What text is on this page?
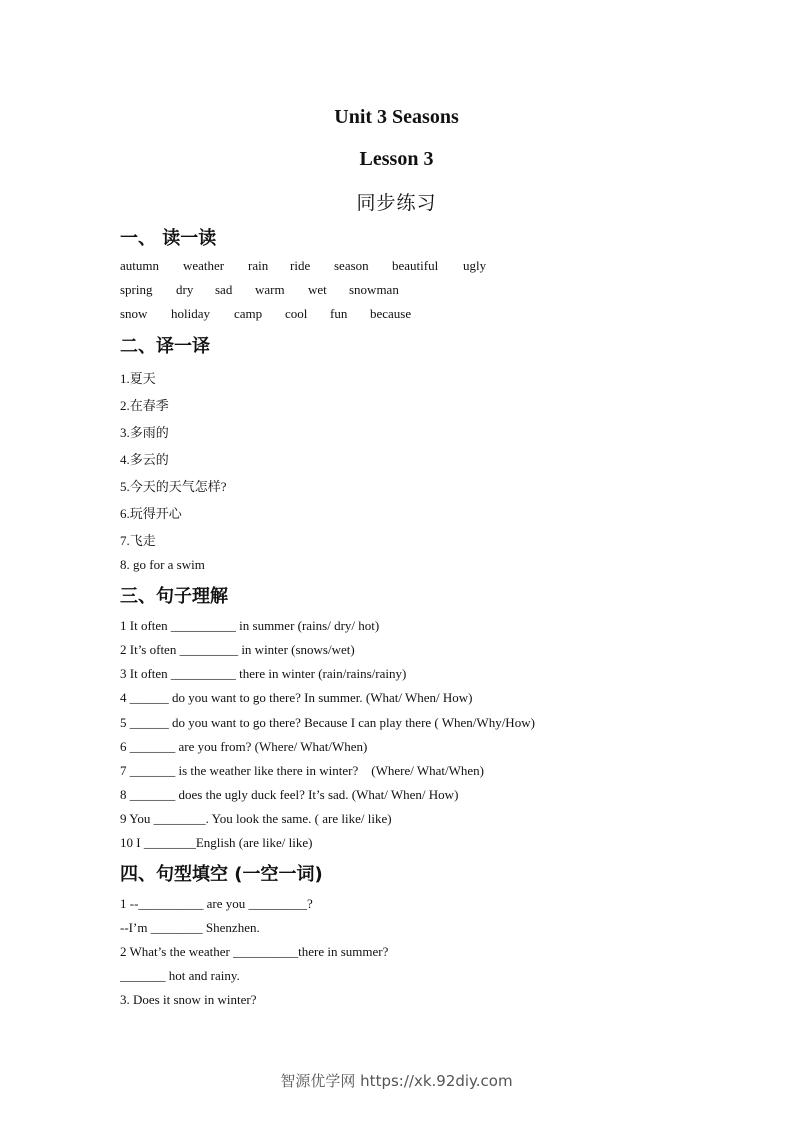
Unit 3 Seasons
Lesson 3
同步练习
一、 读一读
autumn weather rain ride season beautiful ugly
spring dry sad warm wet snowman
snow holiday camp cool fun because
二、译一译
1.夏天
2.在春季
3.多雨的
4.多云的
5.今天的天气怎样?
6.玩得开心
7.飞走
8. go for a swim
三、句子理解
1 It often __________ in summer (rains/ dry/ hot)
2 It’s often _________ in winter (snows/wet)
3 It often __________ there in winter (rain/rains/rainy)
4 ______ do you want to go there? In summer. (What/ When/ How)
5 ______ do you want to go there? Because I can play there ( When/Why/How)
6 _______ are you from? (Where/ What/When)
7 _______ is the weather like there in winter?    (Where/ What/When)
8 _______ does the ugly duck feel? It’s sad. (What/ When/ How)
9 You ________. You look the same. ( are like/ like)
10 I ________English (are like/ like)
四、句型填空 (一空一词)
1 --__________ are you _________?
--I’m ________ Shenzhen.
2 What’s the weather __________there in summer?
_______ hot and rainy.
3. Does it snow in winter?
智源优学网 https://xk.92diy.com
